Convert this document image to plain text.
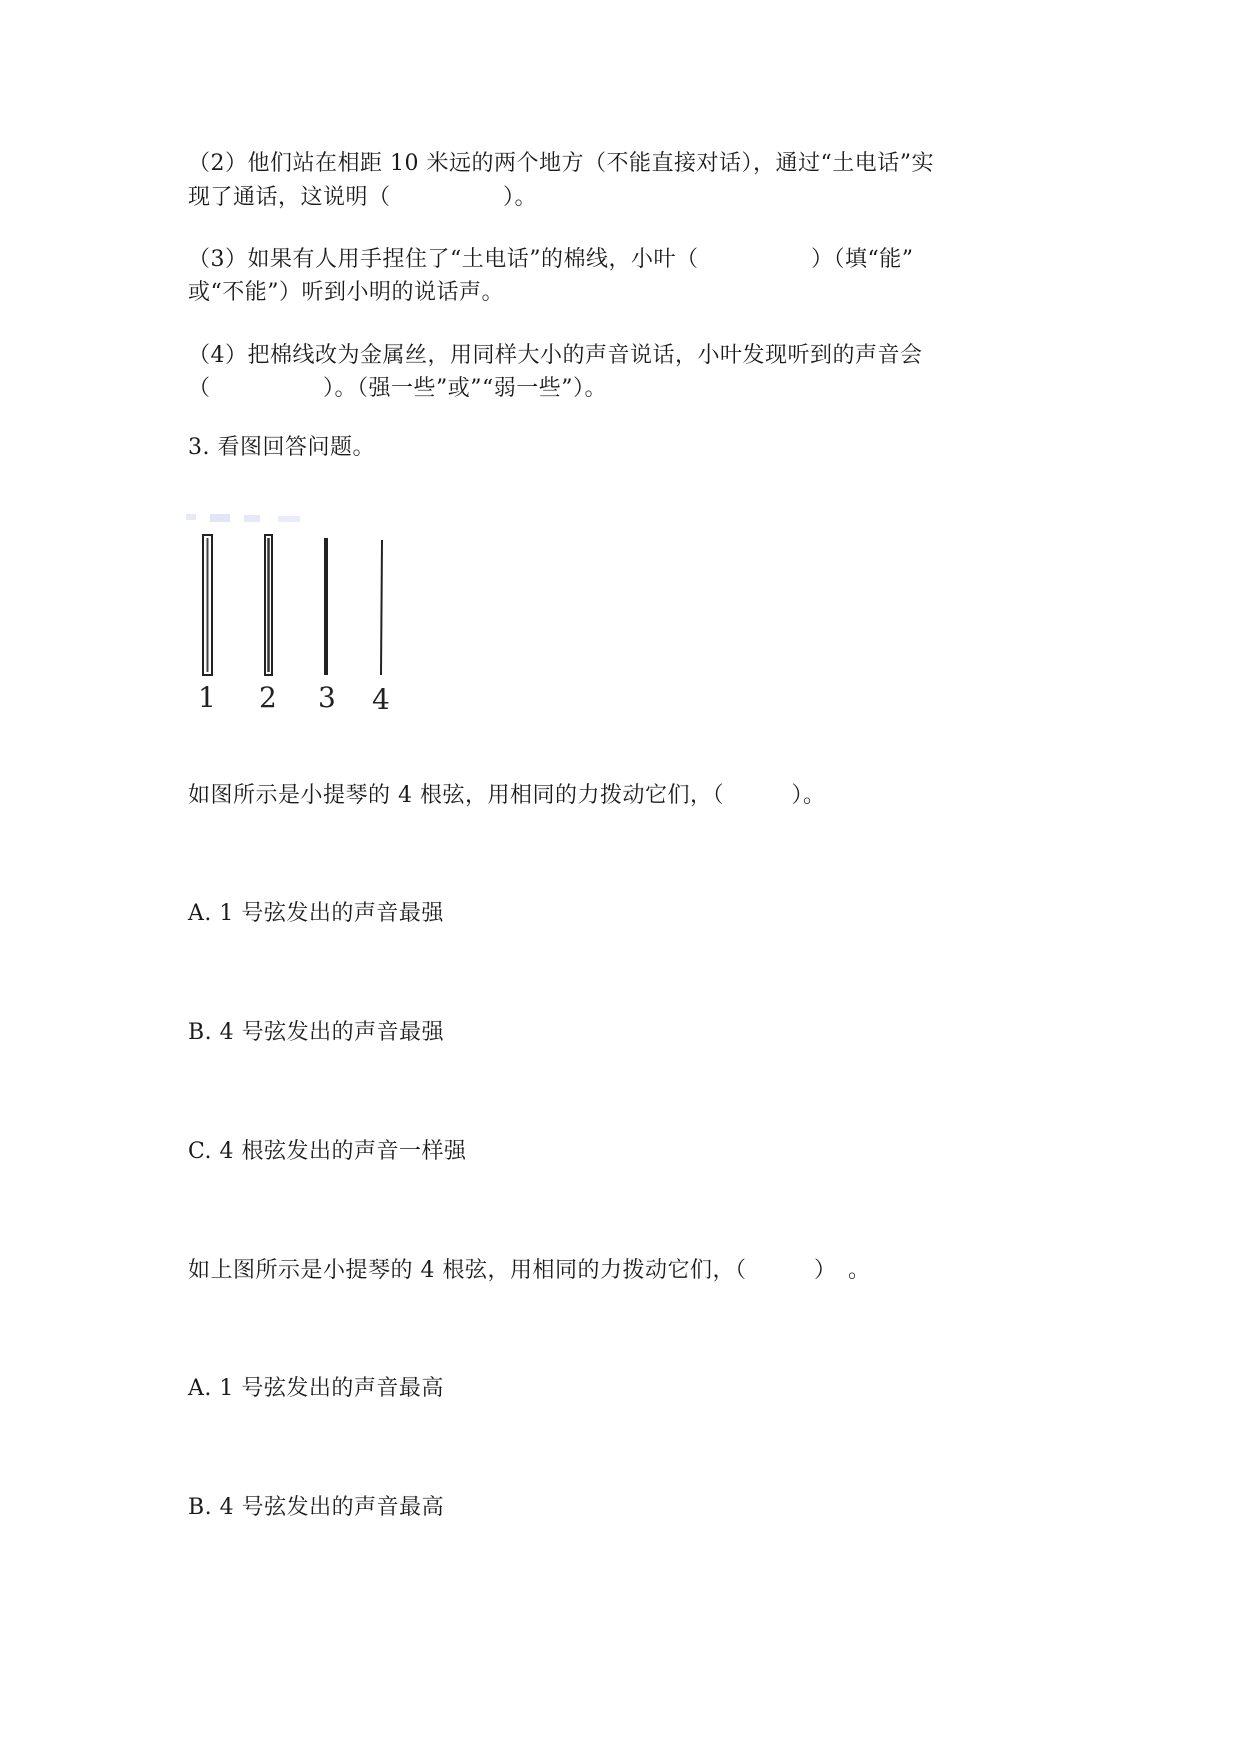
（2）他们站在相距 10 米远的两个地方（不能直接对话），通过“土电话”实
现了通话，这说明（　　　　　）。
（3）如果有人用手捏住了“土电话”的棉线，小叶（　　　　　）（填“能”
或“不能”）听到小明的说话声。
（4）把棉线改为金属丝，用同样大小的声音说话，小叶发现听到的声音会
（　　　　　）。（强一些”或”“弱一些”）。
3. 看图回答问题。
1 2 3 4
如图所示是小提琴的 4 根弦，用相同的力拨动它们，（　　　）。
A. 1 号弦发出的声音最强
B. 4 号弦发出的声音最强
C. 4 根弦发出的声音一样强
如上图所示是小提琴的 4 根弦，用相同的力拨动它们，（　　　）　。
A. 1 号弦发出的声音最高
B. 4 号弦发出的声音最高
